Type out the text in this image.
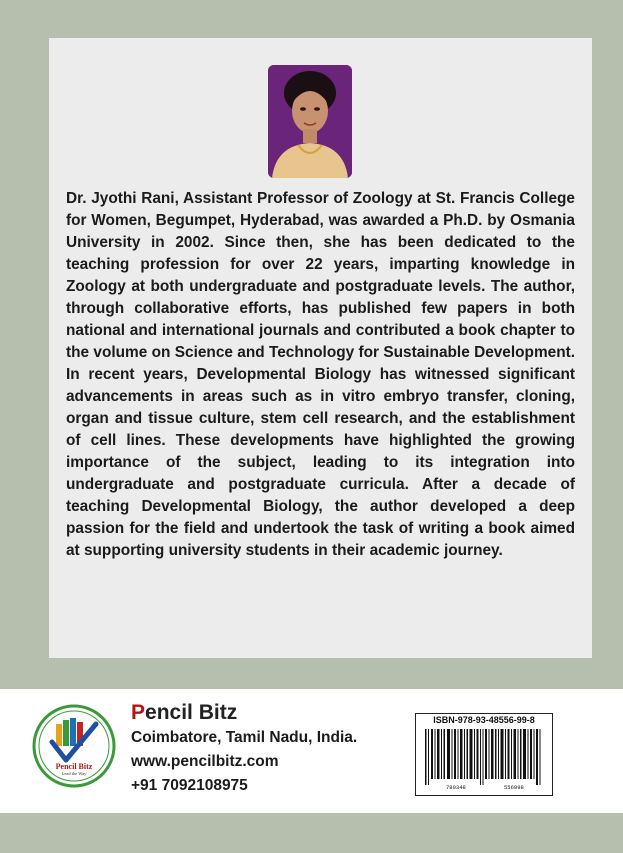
Dr. Jyothi Rani, Assistant Professor of Zoology at St. Francis College for Women, Begumpet, Hyderabad, was awarded a Ph.D. by Osmania University in 2002. Since then, she has been dedicated to the teaching profession for over 22 years, imparting knowledge in Zoology at both undergraduate and postgraduate levels. The author, through collaborative efforts, has published few papers in both national and international journals and contributed a book chapter to the volume on Science and Technology for Sustainable Development. In recent years, Developmental Biology has witnessed significant advancements in areas such as in vitro embryo transfer, cloning, organ and tissue culture, stem cell research, and the establishment of cell lines. These developments have highlighted the growing importance of the subject, leading to its integration into undergraduate and postgraduate curricula. After a decade of teaching Developmental Biology, the author developed a deep passion for the field and undertook the task of writing a book aimed at supporting university students in their academic journey.

Pencil Bitz
Lead the Way
Pencil Bitz
Coimbatore, Tamil Nadu, India.
www.pencilbitz.com
+91 7092108975
ISBN-978-93-48556-99-8
789348	556998
